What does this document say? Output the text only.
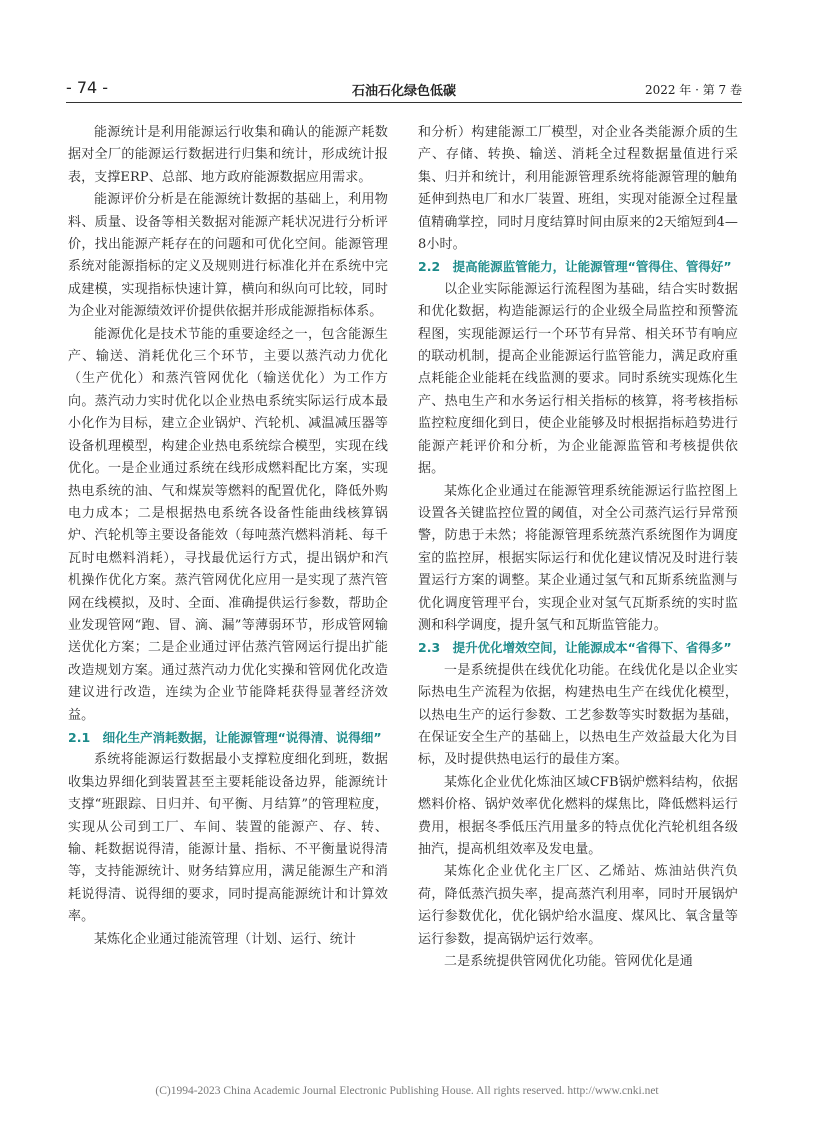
- 74 -	石油石化绿色低碳	2022 年 · 第 7 卷

能源统计是利用能源运行收集和确认的能源产耗数据对全厂的能源运行数据进行归集和统计，形成统计报表，支撑ERP、总部、地方政府能源数据应用需求。

能源评价分析是在能源统计数据的基础上，利用物料、质量、设备等相关数据对能源产耗状况进行分析评价，找出能源产耗存在的问题和可优化空间。能源管理系统对能源指标的定义及规则进行标准化并在系统中完成建模，实现指标快速计算，横向和纵向可比较，同时为企业对能源绩效评价提供依据并形成能源指标体系。

能源优化是技术节能的重要途经之一，包含能源生产、输送、消耗优化三个环节，主要以蒸汽动力优化（生产优化）和蒸汽管网优化（输送优化）为工作方向。蒸汽动力实时优化以企业热电系统实际运行成本最小化作为目标，建立企业锅炉、汽轮机、减温减压器等设备机理模型，构建企业热电系统综合模型，实现在线优化。一是企业通过系统在线形成燃料配比方案，实现热电系统的油、气和煤炭等燃料的配置优化，降低外购电力成本；二是根据热电系统各设备性能曲线核算锅炉、汽轮机等主要设备能效（每吨蒸汽燃料消耗、每千瓦时电燃料消耗），寻找最优运行方式，提出锅炉和汽机操作优化方案。蒸汽管网优化应用一是实现了蒸汽管网在线模拟，及时、全面、准确提供运行参数，帮助企业发现管网“跑、冒、滴、漏”等薄弱环节，形成管网输送优化方案；二是企业通过评估蒸汽管网运行提出扩能改造规划方案。通过蒸汽动力优化实操和管网优化改造建议进行改造，连续为企业节能降耗获得显著经济效益。

2.1　细化生产消耗数据，让能源管理“说得清、说得细”

系统将能源运行数据最小支撑粒度细化到班，数据收集边界细化到装置甚至主要耗能设备边界，能源统计支撑“班跟踪、日归并、旬平衡、月结算”的管理粒度，实现从公司到工厂、车间、装置的能源产、存、转、输、耗数据说得清，能源计量、指标、不平衡量说得清等，支持能源统计、财务结算应用，满足能源生产和消耗说得清、说得细的要求，同时提高能源统计和计算效率。

某炼化企业通过能流管理（计划、运行、统计

和分析）构建能源工厂模型，对企业各类能源介质的生产、存储、转换、输送、消耗全过程数据量值进行采集、归并和统计，利用能源管理系统将能源管理的触角延伸到热电厂和水厂装置、班组，实现对能源全过程量值精确掌控，同时月度结算时间由原来的2天缩短到4—8小时。

2.2　提高能源监管能力，让能源管理“管得住、管得好”

以企业实际能源运行流程图为基础，结合实时数据和优化数据，构造能源运行的企业级全局监控和预警流程图，实现能源运行一个环节有异常、相关环节有响应的联动机制，提高企业能源运行监管能力，满足政府重点耗能企业能耗在线监测的要求。同时系统实现炼化生产、热电生产和水务运行相关指标的核算，将考核指标监控粒度细化到日，使企业能够及时根据指标趋势进行能源产耗评价和分析，为企业能源监管和考核提供依据。

某炼化企业通过在能源管理系统能源运行监控图上设置各关键监控位置的阈值，对全公司蒸汽运行异常预警，防患于未然；将能源管理系统蒸汽系统图作为调度室的监控屏，根据实际运行和优化建议情况及时进行装置运行方案的调整。某企业通过氢气和瓦斯系统监测与优化调度管理平台，实现企业对氢气瓦斯系统的实时监测和科学调度，提升氢气和瓦斯监管能力。

2.3　提升优化增效空间，让能源成本“省得下、省得多”

一是系统提供在线优化功能。在线优化是以企业实际热电生产流程为依据，构建热电生产在线优化模型，以热电生产的运行参数、工艺参数等实时数据为基础，在保证安全生产的基础上，以热电生产效益最大化为目标，及时提供热电运行的最佳方案。

某炼化企业优化炼油区域CFB锅炉燃料结构，依据燃料价格、锅炉效率优化燃料的煤焦比，降低燃料运行费用，根据冬季低压汽用量多的特点优化汽轮机组各级抽汽，提高机组效率及发电量。

某炼化企业优化主厂区、乙烯站、炼油站供汽负荷，降低蒸汽损失率，提高蒸汽利用率，同时开展锅炉运行参数优化，优化锅炉给水温度、煤风比、氧含量等运行参数，提高锅炉运行效率。

二是系统提供管网优化功能。管网优化是通

(C)1994-2023 China Academic Journal Electronic Publishing House. All rights reserved. http://www.cnki.net
